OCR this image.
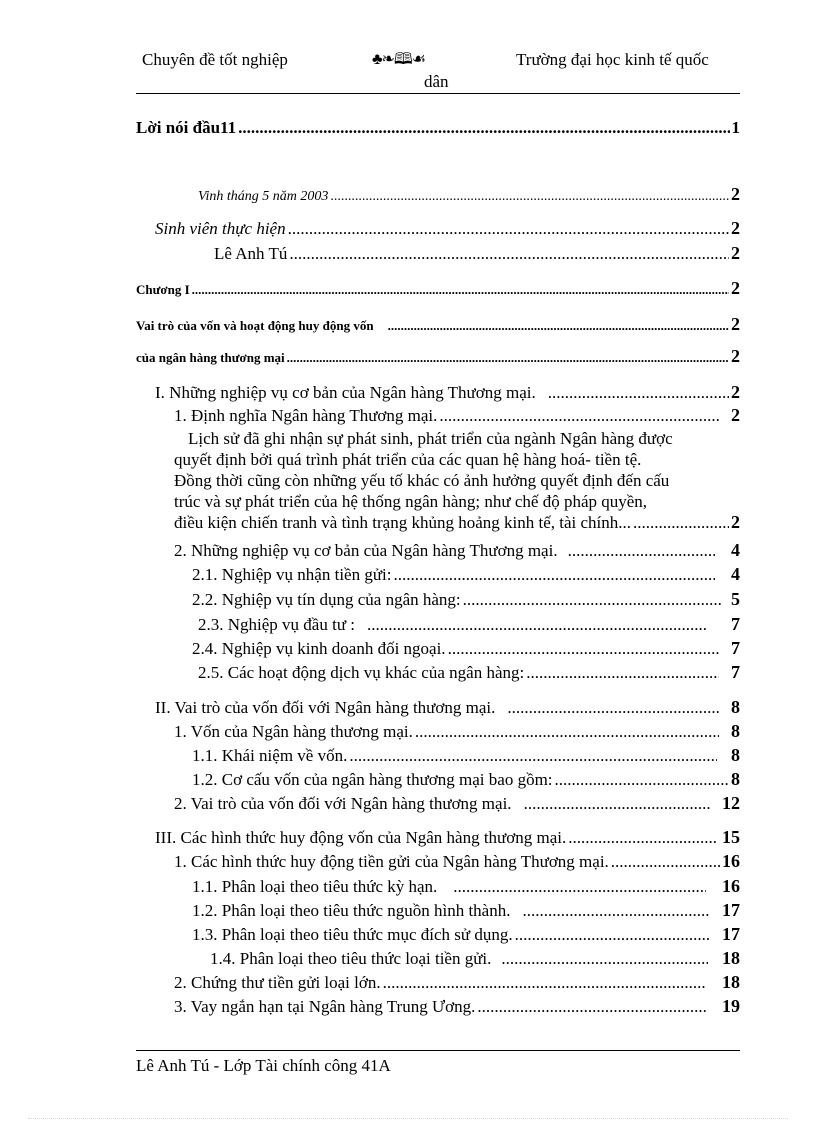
Chuyên đề tốt nghiệp	♣❧🕮☙	Trường đại học kinh tế quốc
dân
Lời nói đầu11 .....	1
Vinh tháng 5 năm 2003 .....	2
Sinh viên thực hiện .....	2
Lê Anh Tú .....	2
Chương I .....	2
Vai trò của vốn và hoạt động huy động vốn .....	2
của ngân hàng thương mại .....	2
I. Những nghiệp vụ cơ bản của Ngân hàng Thương mại. .....	2
1. Định nghĩa Ngân hàng Thương mại. .....	2
Lịch sử đã ghi nhận sự phát sinh, phát triển của ngành Ngân hàng được
quyết định bởi quá trình phát triển của các quan hệ hàng hoá- tiền tệ.
Đồng thời cũng còn những yếu tố khác có ảnh hưởng quyết định đến cấu
trúc và sự phát triển của hệ thống ngân hàng; như chế độ pháp quyền,
điều kiện chiến tranh và tình trạng khủng hoảng kinh tế, tài chính... .....	2
2. Những nghiệp vụ cơ bản của Ngân hàng Thương mại. .....	4
2.1. Nghiệp vụ nhận tiền gửi: .....	4
2.2. Nghiệp vụ tín dụng của ngân hàng: .....	5
2.3. Nghiệp vụ đầu tư : .....	7
2.4. Nghiệp vụ kinh doanh đối ngoại. .....	7
2.5. Các hoạt động dịch vụ khác của ngân hàng: .....	7
II. Vai trò của vốn đối với Ngân hàng thương mại. .....	8
1. Vốn của Ngân hàng thương mại. .....	8
1.1. Khái niệm về vốn. .....	8
1.2. Cơ cấu vốn của ngân hàng thương mại bao gồm: .....	8
2. Vai trò của vốn đối với Ngân hàng thương mại. .....	12
III. Các hình thức huy động vốn của Ngân hàng thương mại. .....	15
1. Các hình thức huy động tiền gửi của Ngân hàng Thương mại. .....	16
1.1. Phân loại theo tiêu thức kỳ hạn. .....	16
1.2. Phân loại theo tiêu thức nguồn hình thành. .....	17
1.3. Phân loại theo tiêu thức mục đích sử dụng. .....	17
1.4. Phân loại theo tiêu thức loại tiền gửi. .....	18
2. Chứng thư tiền gửi loại lớn. .....	18
3. Vay ngắn hạn tại Ngân hàng Trung Ương. .....	19
Lê Anh Tú - Lớp Tài chính công 41A
